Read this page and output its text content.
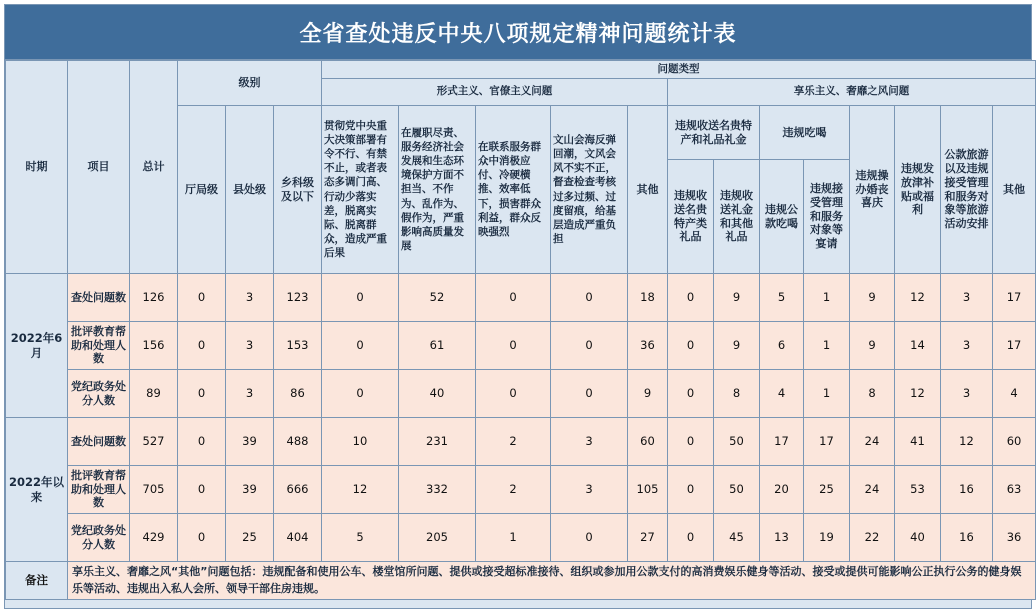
全省查处违反中央八项规定精神问题统计表
时期	项目	总计	级别			问题类型												
						形式主义、官僚主义问题					享乐主义、奢靡之风问题							
			厅局级	县处级	乡科级及以下	贯彻党中央重大决策部署有令不行、有禁不止，或者表态多调门高、行动少落实差，脱离实际、脱离群众，造成严重后果	在履职尽责、服务经济社会发展和生态环境保护方面不担当、不作为、乱作为、假作为，严重影响高质量发展	在联系服务群众中消极应付、冷硬横推、效率低下，损害群众利益，群众反映强烈	文山会海反弹回潮，文风会风不实不正，督查检查考核过多过频、过度留痕，给基层造成严重负担	其他	违规收送名贵特产和礼品礼金		违规吃喝		违规操办婚丧喜庆	违规发放津补贴或福利	公款旅游以及违规接受管理和服务对象等旅游活动安排	其他
											违规收送名贵特产类礼品	违规收送礼金和其他礼品	违规公款吃喝	违规接受管理和服务对象等宴请				
2022年6月	查处问题数	126	0	3	123	0	52	0	0	18	0	9	5	1	9	12	3	17
	批评教育帮助和处理人数	156	0	3	153	0	61	0	0	36	0	9	6	1	9	14	3	17
	党纪政务处分人数	89	0	3	86	0	40	0	0	9	0	8	4	1	8	12	3	4
2022年以来	查处问题数	527	0	39	488	10	231	2	3	60	0	50	17	17	24	41	12	60
	批评教育帮助和处理人数	705	0	39	666	12	332	2	3	105	0	50	20	25	24	53	16	63
	党纪政务处分人数	429	0	25	404	5	205	1	0	27	0	45	13	19	22	40	16	36
备注	享乐主义、奢靡之风“其他”问题包括：违规配备和使用公车、楼堂馆所问题、提供或接受超标准接待、组织或参加用公款支付的高消费娱乐健身等活动、接受或提供可能影响公正执行公务的健身娱乐等活动、违规出入私人会所、领导干部住房违规。																	
